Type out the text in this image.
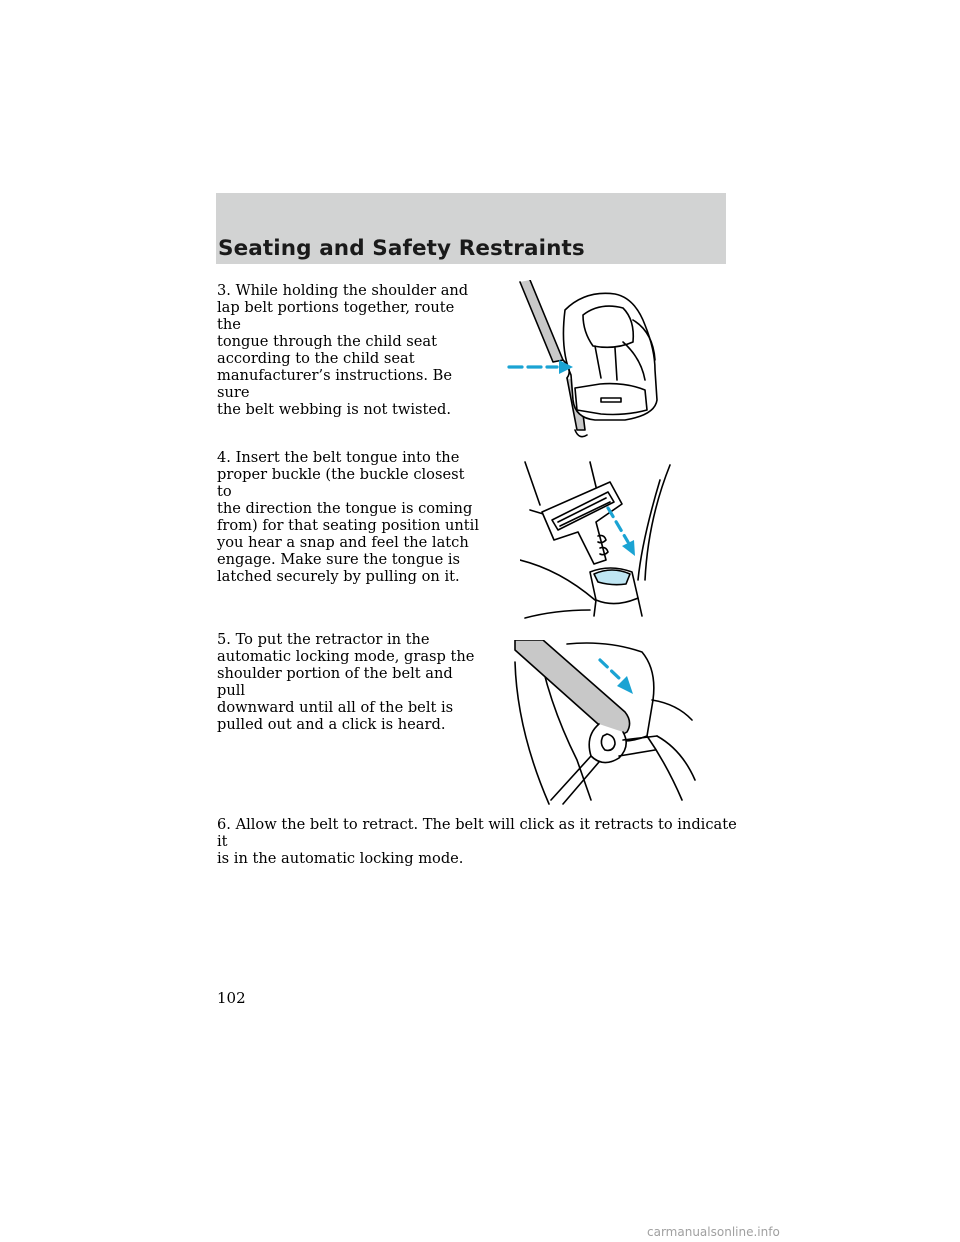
Seating and Safety Restraints

3. While holding the shoulder and
lap belt portions together, route the
tongue through the child seat
according to the child seat
manufacturer’s instructions. Be sure
the belt webbing is not twisted.

4. Insert the belt tongue into the
proper buckle (the buckle closest to
the direction the tongue is coming
from) for that seating position until
you hear a snap and feel the latch
engage. Make sure the tongue is
latched securely by pulling on it.

5. To put the retractor in the
automatic locking mode, grasp the
shoulder portion of the belt and pull
downward until all of the belt is
pulled out and a click is heard.

6. Allow the belt to retract. The belt will click as it retracts to indicate it
is in the automatic locking mode.

102

carmanualsonline.info
